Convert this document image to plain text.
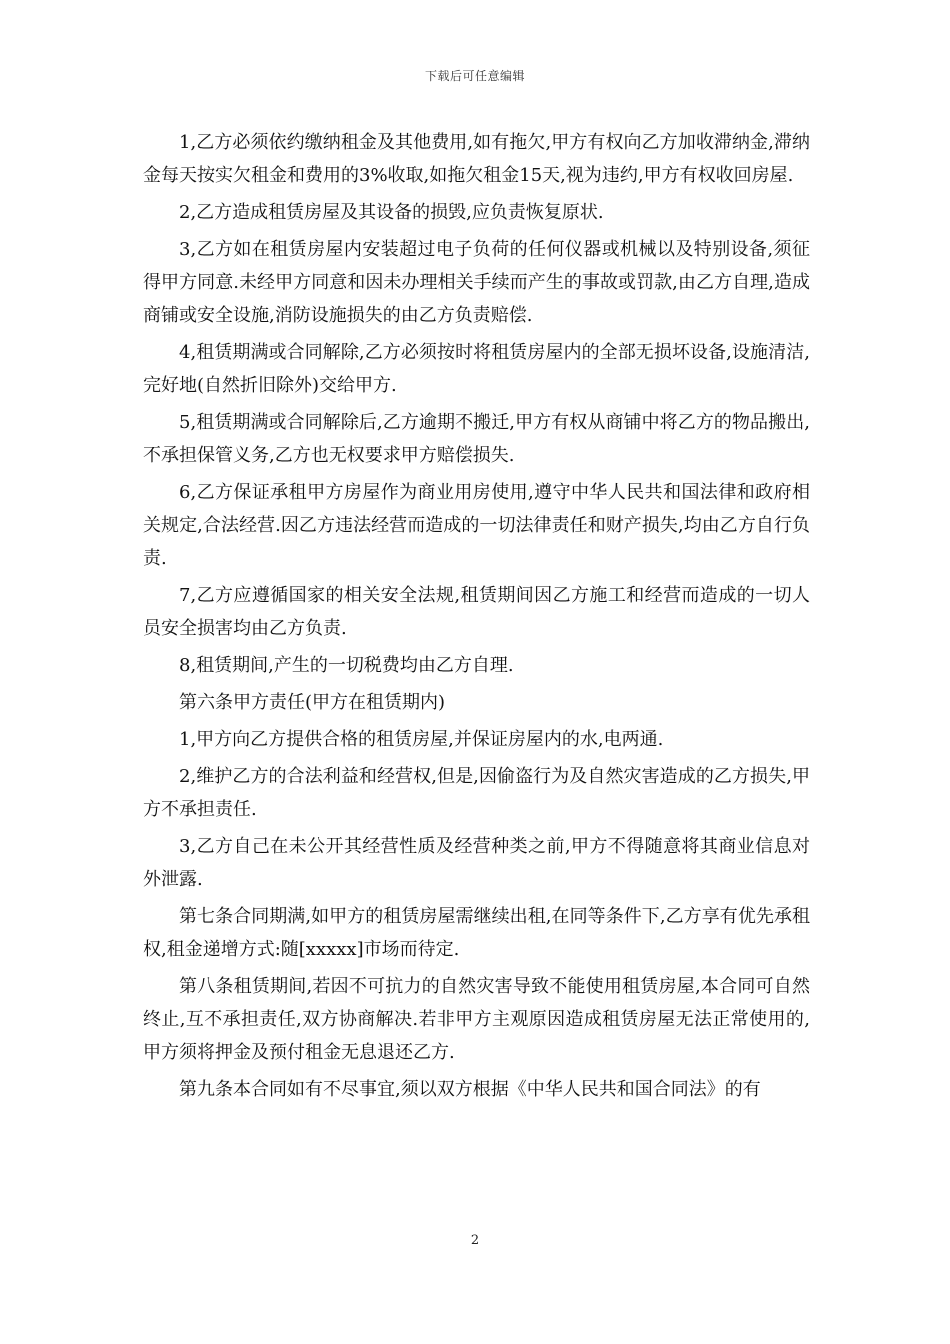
下载后可任意编辑

1,乙方必须依约缴纳租金及其他费用,如有拖欠,甲方有权向乙方加收滞纳金,滞纳金每天按实欠租金和费用的3%收取,如拖欠租金15天,视为违约,甲方有权收回房屋.

2,乙方造成租赁房屋及其设备的损毁,应负责恢复原状.

3,乙方如在租赁房屋内安装超过电子负荷的任何仪器或机械以及特别设备,须征得甲方同意.未经甲方同意和因未办理相关手续而产生的事故或罚款,由乙方自理,造成商铺或安全设施,消防设施损失的由乙方负责赔偿.

4,租赁期满或合同解除,乙方必须按时将租赁房屋内的全部无损坏设备,设施清洁,完好地(自然折旧除外)交给甲方.

5,租赁期满或合同解除后,乙方逾期不搬迁,甲方有权从商铺中将乙方的物品搬出,不承担保管义务,乙方也无权要求甲方赔偿损失.

6,乙方保证承租甲方房屋作为商业用房使用,遵守中华人民共和国法律和政府相关规定,合法经营.因乙方违法经营而造成的一切法律责任和财产损失,均由乙方自行负责.

7,乙方应遵循国家的相关安全法规,租赁期间因乙方施工和经营而造成的一切人员安全损害均由乙方负责.

8,租赁期间,产生的一切税费均由乙方自理.

第六条甲方责任(甲方在租赁期内)

1,甲方向乙方提供合格的租赁房屋,并保证房屋内的水,电两通.

2,维护乙方的合法利益和经营权,但是,因偷盗行为及自然灾害造成的乙方损失,甲方不承担责任.

3,乙方自己在未公开其经营性质及经营种类之前,甲方不得随意将其商业信息对外泄露.

第七条合同期满,如甲方的租赁房屋需继续出租,在同等条件下,乙方享有优先承租权,租金递增方式:随[xxxxx]市场而待定.

第八条租赁期间,若因不可抗力的自然灾害导致不能使用租赁房屋,本合同可自然终止,互不承担责任,双方协商解决.若非甲方主观原因造成租赁房屋无法正常使用的,甲方须将押金及预付租金无息退还乙方.

第九条本合同如有不尽事宜,须以双方根据《中华人民共和国合同法》的有

2
